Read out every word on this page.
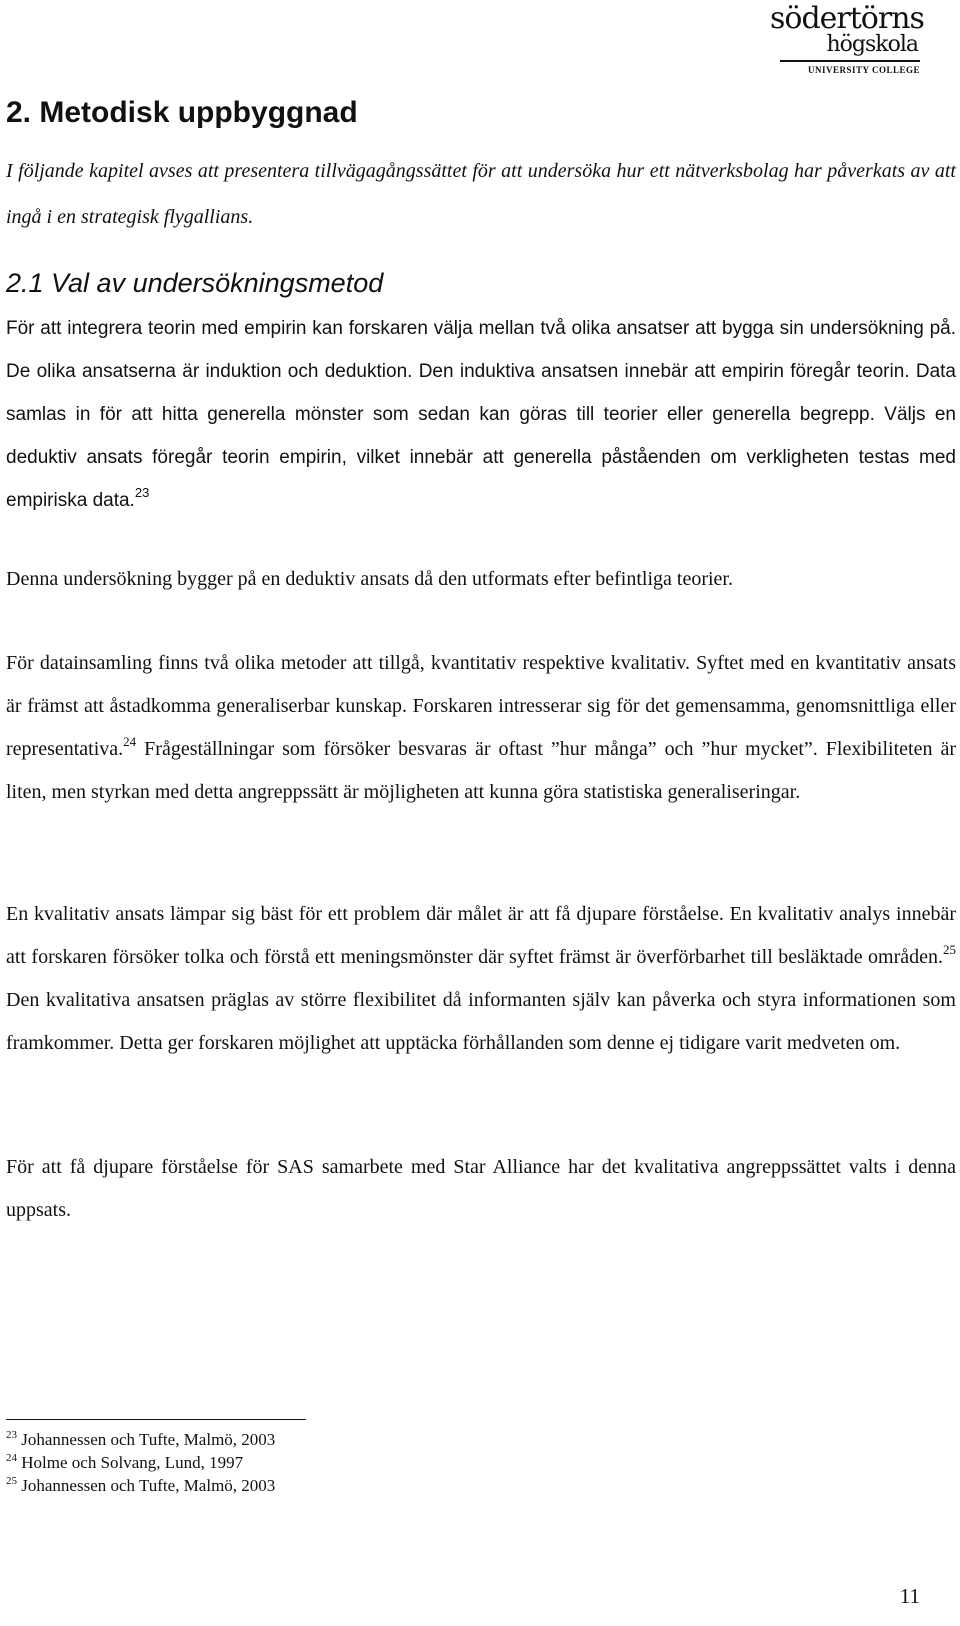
södertörns
högskola
UNIVERSITY COLLEGE
2. Metodisk uppbyggnad

I följande kapitel avses att presentera tillvägagångssättet för att undersöka hur ett nätverksbolag har påverkats av att ingå i en strategisk flygallians.

2.1 Val av undersökningsmetod

För att integrera teorin med empirin kan forskaren välja mellan två olika ansatser att bygga sin undersökning på. De olika ansatserna är induktion och deduktion. Den induktiva ansatsen innebär att empirin föregår teorin. Data samlas in för att hitta generella mönster som sedan kan göras till teorier eller generella begrepp. Väljs en deduktiv ansats föregår teorin empirin, vilket innebär att generella påståenden om verkligheten testas med empiriska data.$^{23}$

Denna undersökning bygger på en deduktiv ansats då den utformats efter befintliga teorier.

För datainsamling finns två olika metoder att tillgå, kvantitativ respektive kvalitativ. Syftet med en kvantitativ ansats är främst att åstadkomma generaliserbar kunskap. Forskaren intresserar sig för det gemensamma, genomsnittliga eller representativa.$^{24}$ Frågeställningar som försöker besvaras är oftast ”hur många” och ”hur mycket”. Flexibiliteten är liten, men styrkan med detta angreppssätt är möjligheten att kunna göra statistiska generaliseringar.

En kvalitativ ansats lämpar sig bäst för ett problem där målet är att få djupare förståelse. En kvalitativ analys innebär att forskaren försöker tolka och förstå ett meningsmönster där syftet främst är överförbarhet till besläktade områden.$^{25}$ Den kvalitativa ansatsen präglas av större flexibilitet då informanten själv kan påverka och styra informationen som framkommer. Detta ger forskaren möjlighet att upptäcka förhållanden som denne ej tidigare varit medveten om.

För att få djupare förståelse för SAS samarbete med Star Alliance har det kvalitativa angreppssättet valts i denna uppsats.

$^{23}$ Johannessen och Tufte, Malmö, 2003
$^{24}$ Holme och Solvang, Lund, 1997
$^{25}$ Johannessen och Tufte, Malmö, 2003
11
